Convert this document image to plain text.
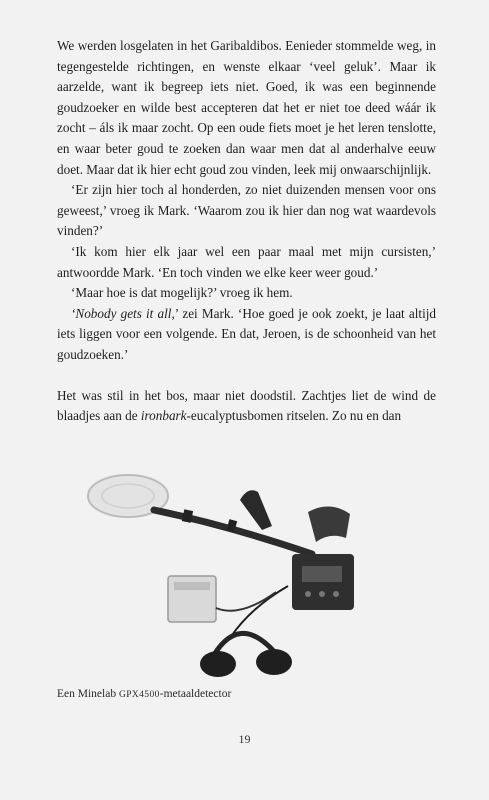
We werden losgelaten in het Garibaldibos. Eenieder stommelde weg, in tegengestelde richtingen, en wenste elkaar ‘veel geluk’. Maar ik aarzelde, want ik begreep iets niet. Goed, ik was een beginnende goudzoeker en wilde best accepteren dat het er niet toe deed wáár ik zocht – áls ik maar zocht. Op een oude fiets moet je het leren tenslotte, en waar beter goud te zoeken dan waar men dat al anderhalve eeuw doet. Maar dat ik hier echt goud zou vinden, leek mij onwaarschijnlijk.

‘Er zijn hier toch al honderden, zo niet duizenden mensen voor ons geweest,’ vroeg ik Mark. ‘Waarom zou ik hier dan nog wat waardevols vinden?’

‘Ik kom hier elk jaar wel een paar maal met mijn cursisten,’ antwoordde Mark. ‘En toch vinden we elke keer weer goud.’

‘Maar hoe is dat mogelijk?’ vroeg ik hem.

‘Nobody gets it all,’ zei Mark. ‘Hoe goed je ook zoekt, je laat altijd iets liggen voor een volgende. En dat, Jeroen, is de schoonheid van het goudzoeken.’

Het was stil in het bos, maar niet doodstil. Zachtjes liet de wind de blaadjes aan de ironbark-eucalyptusbomen ritselen. Zo nu en dan

Een Minelab GPX4500-metaaldetector
19
